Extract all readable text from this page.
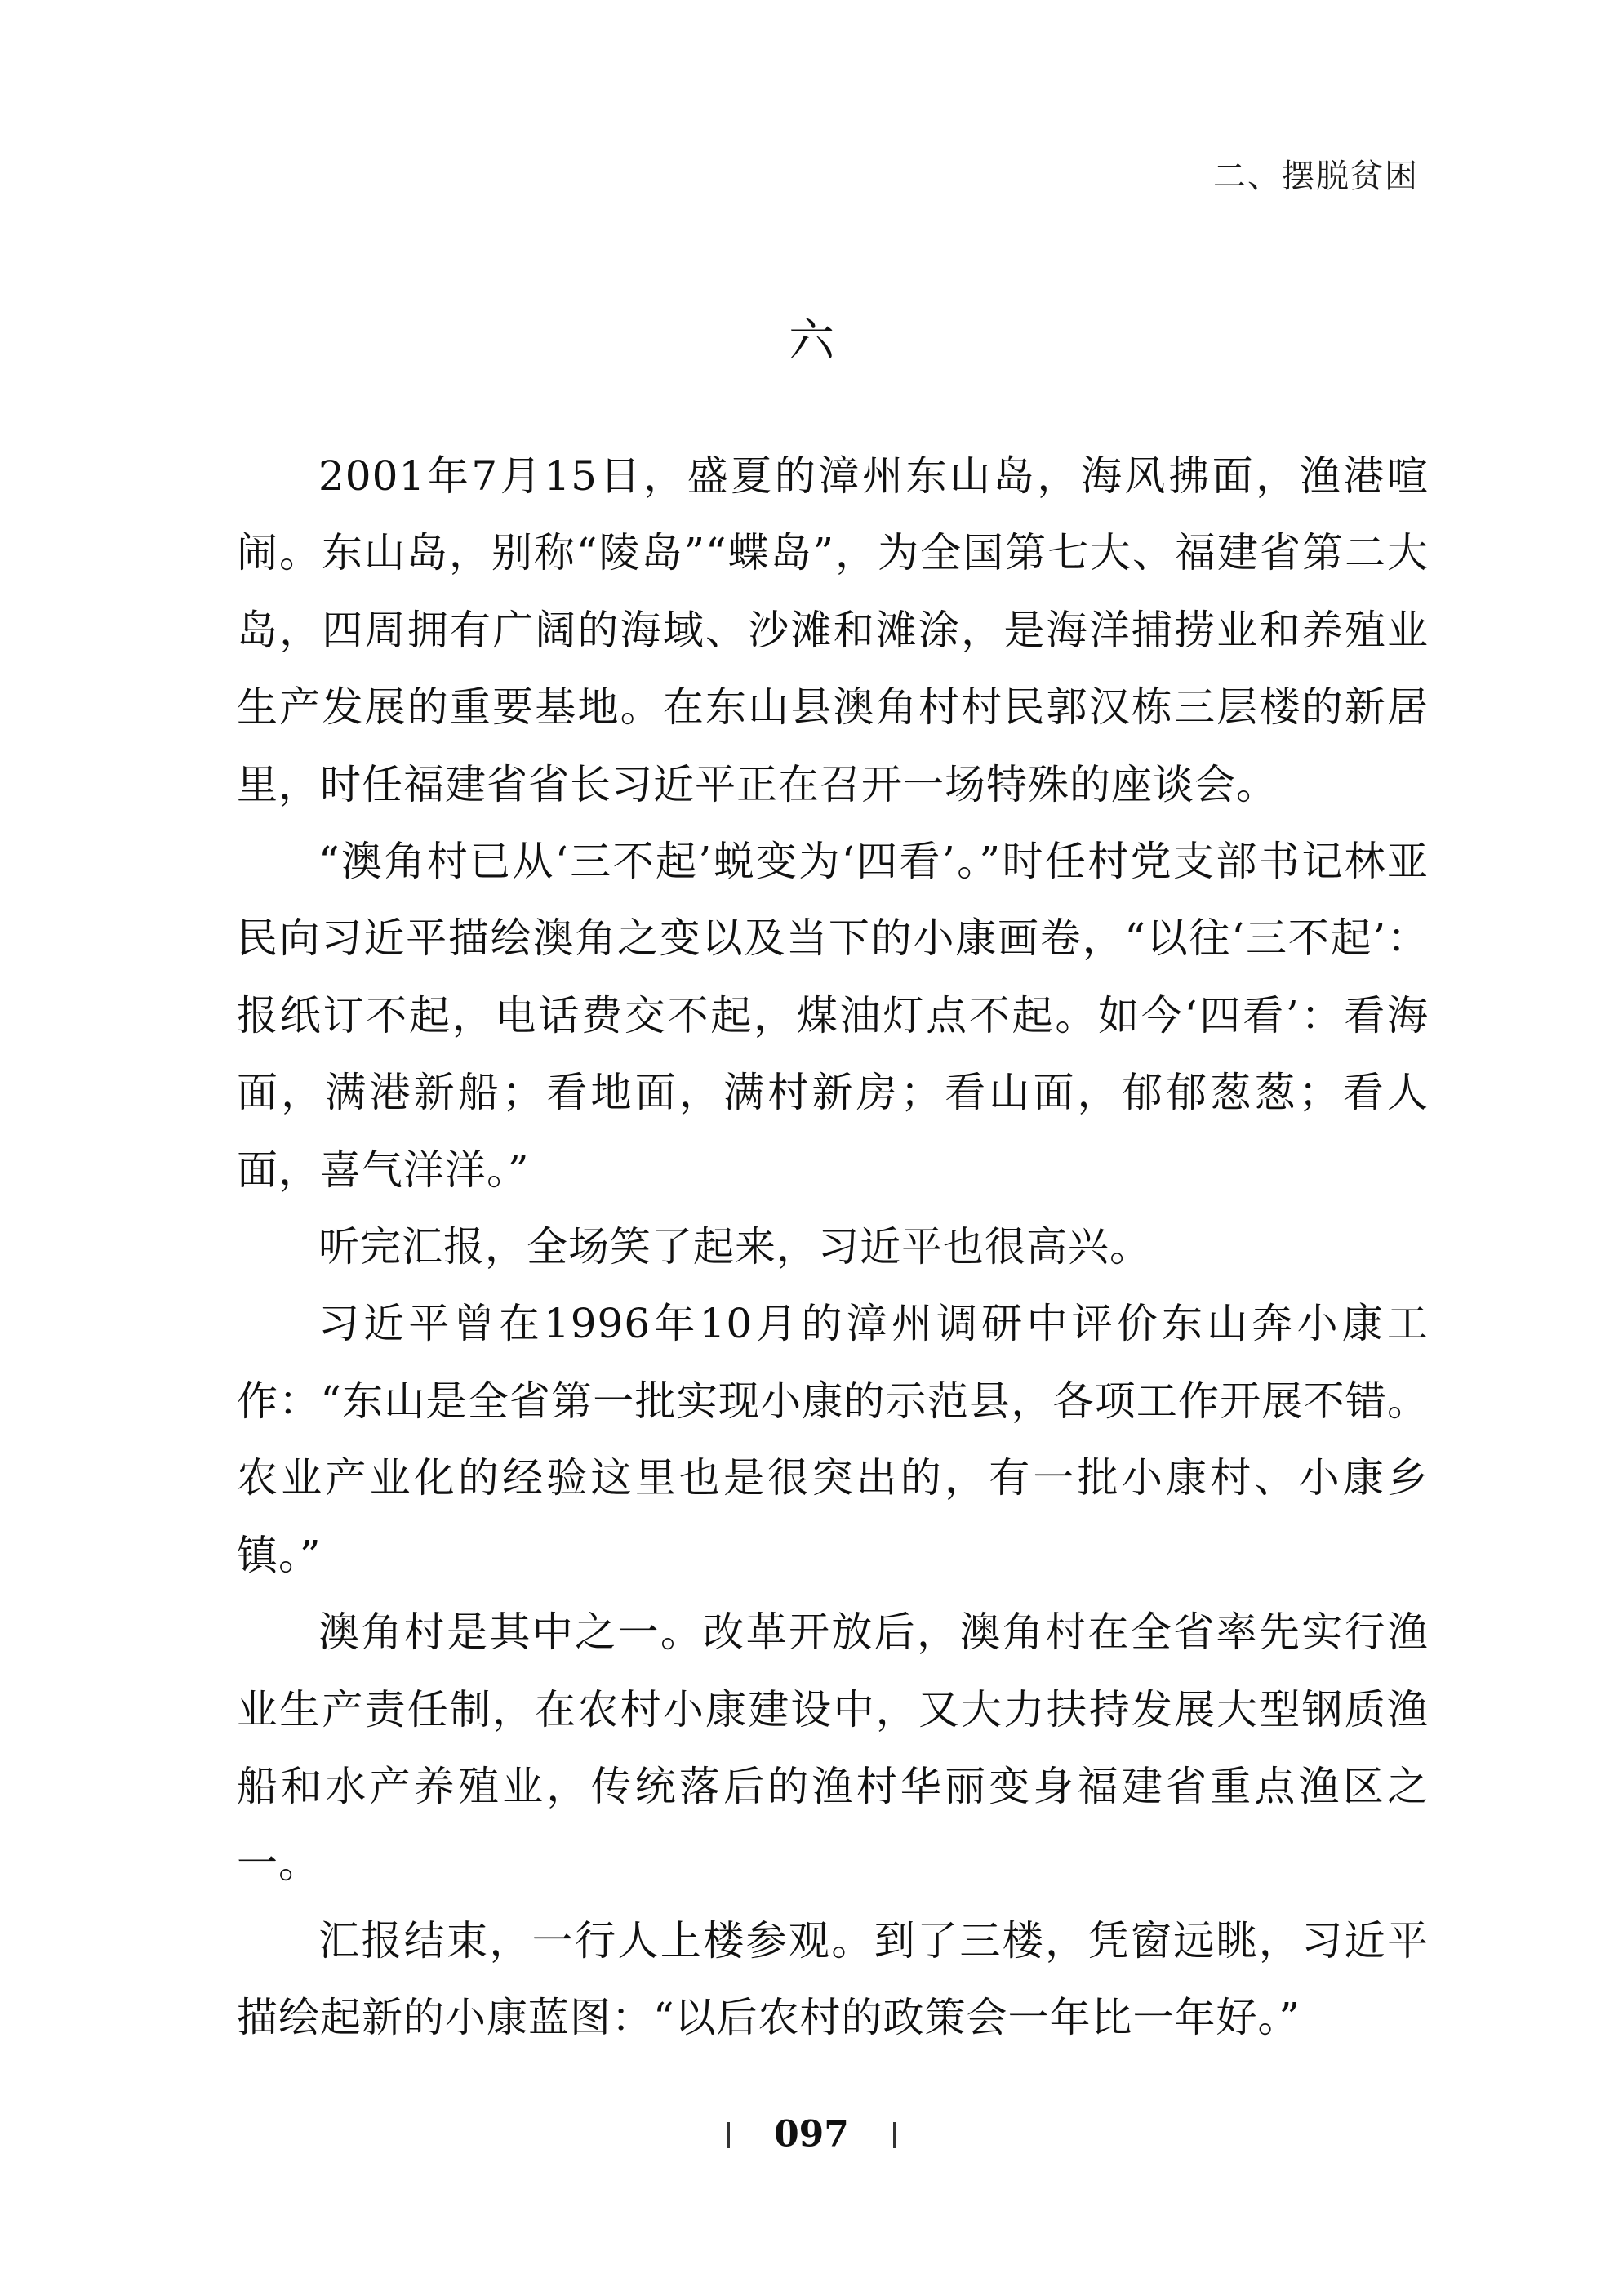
二、摆脱贫困
六

2001年7月15日，盛夏的漳州东山岛，海风拂面，渔港喧闹。东山岛，别称“陵岛”“蝶岛”，为全国第七大、福建省第二大岛，四周拥有广阔的海域、沙滩和滩涂，是海洋捕捞业和养殖业生产发展的重要基地。在东山县澳角村村民郭汉栋三层楼的新居里，时任福建省省长习近平正在召开一场特殊的座谈会。

“澳角村已从‘三不起’蜕变为‘四看’。”时任村党支部书记林亚民向习近平描绘澳角之变以及当下的小康画卷，“以往‘三不起’：报纸订不起，电话费交不起，煤油灯点不起。如今‘四看’：看海面，满港新船；看地面，满村新房；看山面，郁郁葱葱；看人面，喜气洋洋。”

听完汇报，全场笑了起来，习近平也很高兴。

习近平曾在1996年10月的漳州调研中评价东山奔小康工作：“东山是全省第一批实现小康的示范县，各项工作开展不错。农业产业化的经验这里也是很突出的，有一批小康村、小康乡镇。”

澳角村是其中之一。改革开放后，澳角村在全省率先实行渔业生产责任制，在农村小康建设中，又大力扶持发展大型钢质渔船和水产养殖业，传统落后的渔村华丽变身福建省重点渔区之一。

汇报结束，一行人上楼参观。到了三楼，凭窗远眺，习近平描绘起新的小康蓝图：“以后农村的政策会一年比一年好。”

097
